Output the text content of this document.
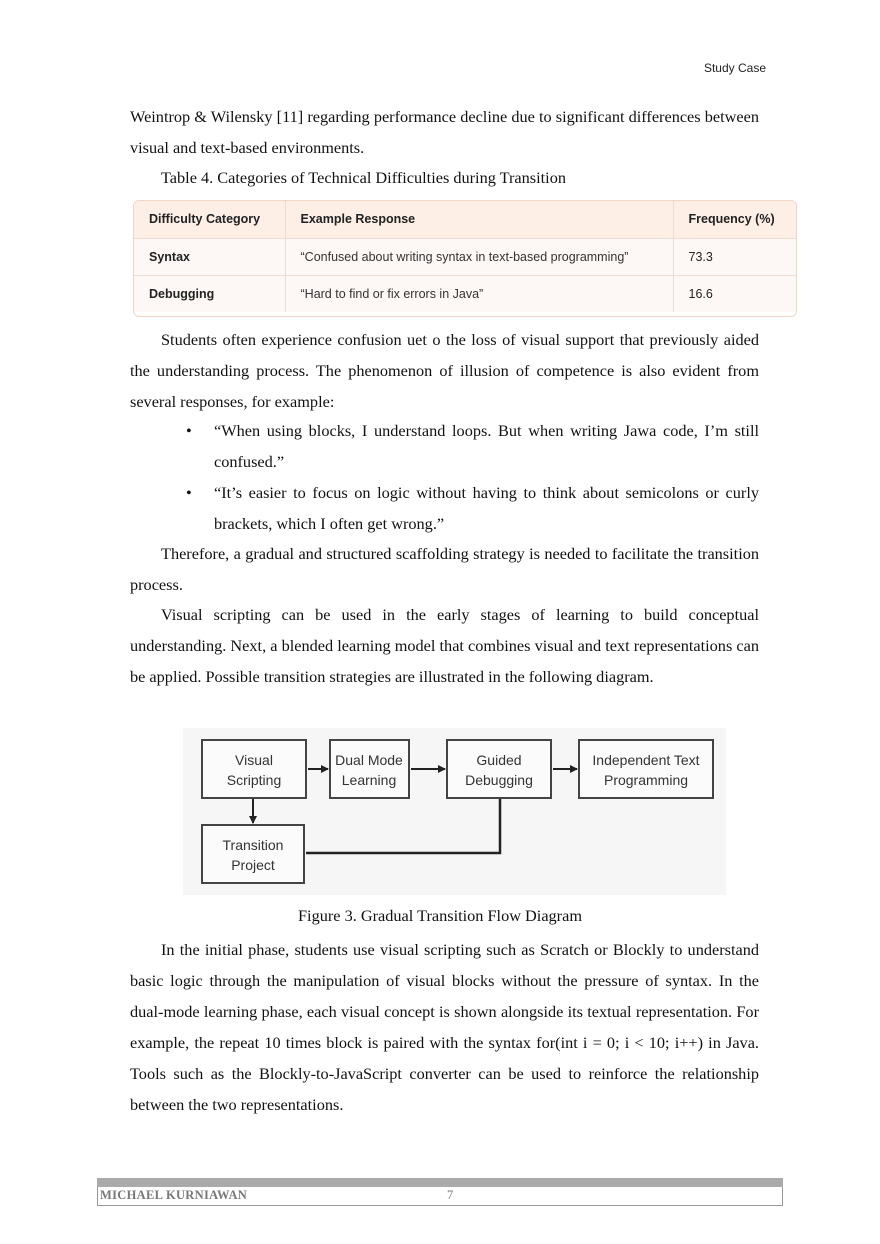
Study Case

Weintrop & Wilensky [11] regarding performance decline due to significant differences between visual and text-based environments.

Table 4. Categories of Technical Difficulties during Transition

Difficulty Category	Example Response	Frequency (%)
Syntax	“Confused about writing syntax in text-based programming”	73.3
Debugging	“Hard to find or fix errors in Java”	16.6

Students often experience confusion uet o the loss of visual support that previously aided the understanding process. The phenomenon of illusion of competence is also evident from several responses, for example:

• “When using blocks, I understand loops. But when writing Jawa code, I’m still confused.”
• “It’s easier to focus on logic without having to think about semicolons or curly brackets, which I often get wrong.”

Therefore, a gradual and structured scaffolding strategy is needed to facilitate the transition process.

Visual scripting can be used in the early stages of learning to build conceptual understanding. Next, a blended learning model that combines visual and text representations can be applied. Possible transition strategies are illustrated in the following diagram.

Visual
Scripting
Dual Mode
Learning
Guided
Debugging
Independent Text
Programming
Transition
Project

Figure 3. Gradual Transition Flow Diagram

In the initial phase, students use visual scripting such as Scratch or Blockly to understand basic logic through the manipulation of visual blocks without the pressure of syntax. In the dual-mode learning phase, each visual concept is shown alongside its textual representation. For example, the repeat 10 times block is paired with the syntax for(int i = 0; i < 10; i++) in Java. Tools such as the Blockly-to-JavaScript converter can be used to reinforce the relationship between the two representations.

MICHAEL KURNIAWAN	7
